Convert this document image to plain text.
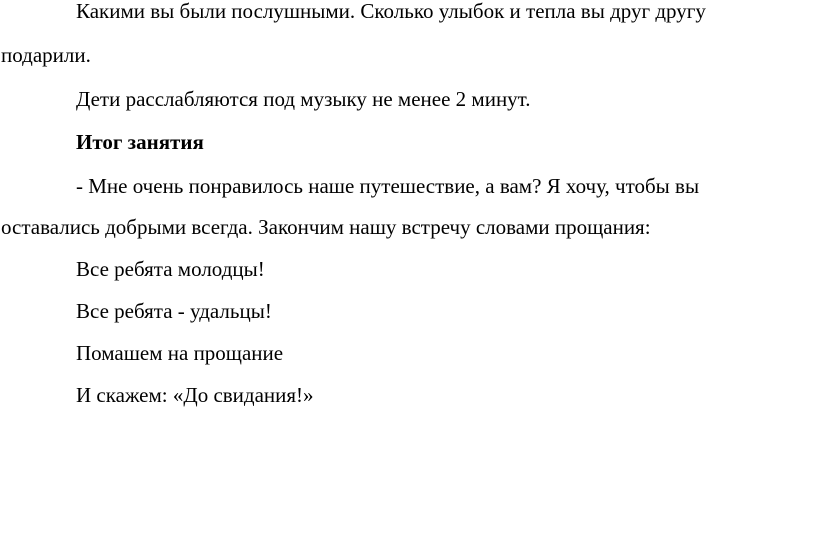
Какими вы были послушными. Сколько улыбок и тепла вы друг другу
подарили.
Дети расслабляются под музыку не менее 2 минут.
Итог занятия
- Мне очень понравилось наше путешествие, а вам? Я хочу, чтобы вы
оставались добрыми всегда. Закончим нашу встречу словами прощания:
Все ребята молодцы!
Все ребята - удальцы!
Помашем на прощание
И скажем: «До свидания!»
